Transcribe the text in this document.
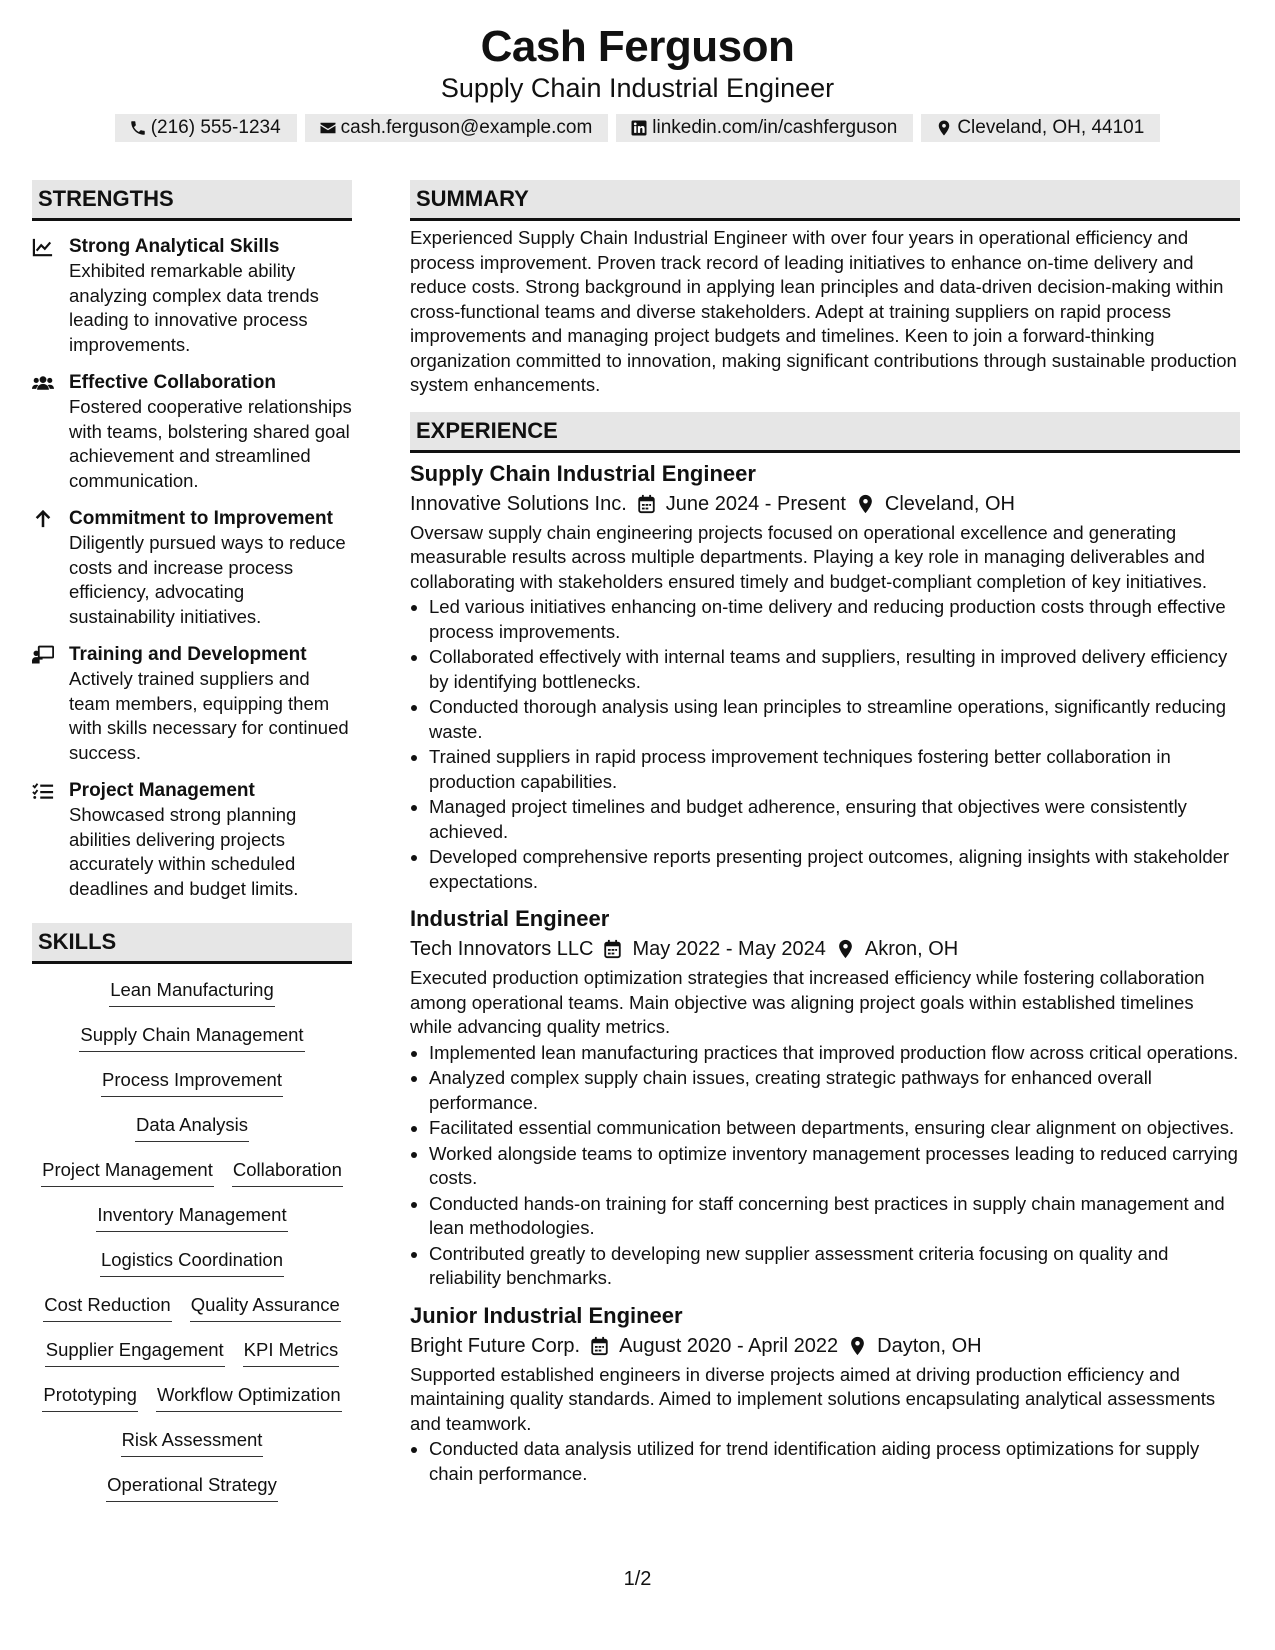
Cash Ferguson
Supply Chain Industrial Engineer
(216) 555-1234	cash.ferguson@example.com	linkedin.com/in/cashferguson	Cleveland, OH, 44101
STRENGTHS
Strong Analytical Skills
Exhibited remarkable ability analyzing complex data trends leading to innovative process improvements.
Effective Collaboration
Fostered cooperative relationships with teams, bolstering shared goal achievement and streamlined communication.
Commitment to Improvement
Diligently pursued ways to reduce costs and increase process efficiency, advocating sustainability initiatives.
Training and Development
Actively trained suppliers and team members, equipping them with skills necessary for continued success.
Project Management
Showcased strong planning abilities delivering projects accurately within scheduled deadlines and budget limits.
SKILLS
Lean Manufacturing
Supply Chain Management
Process Improvement
Data Analysis
Project Management Collaboration
Inventory Management
Logistics Coordination
Cost Reduction Quality Assurance
Supplier Engagement KPI Metrics
Prototyping Workflow Optimization
Risk Assessment
Operational Strategy
SUMMARY
Experienced Supply Chain Industrial Engineer with over four years in operational efficiency and process improvement. Proven track record of leading initiatives to enhance on-time delivery and reduce costs. Strong background in applying lean principles and data-driven decision-making within cross-functional teams and diverse stakeholders. Adept at training suppliers on rapid process improvements and managing project budgets and timelines. Keen to join a forward-thinking organization committed to innovation, making significant contributions through sustainable production system enhancements.
EXPERIENCE
Supply Chain Industrial Engineer
Innovative Solutions Inc. June 2024 - Present Cleveland, OH
Oversaw supply chain engineering projects focused on operational excellence and generating measurable results across multiple departments. Playing a key role in managing deliverables and collaborating with stakeholders ensured timely and budget-compliant completion of key initiatives.
• Led various initiatives enhancing on-time delivery and reducing production costs through effective process improvements.
• Collaborated effectively with internal teams and suppliers, resulting in improved delivery efficiency by identifying bottlenecks.
• Conducted thorough analysis using lean principles to streamline operations, significantly reducing waste.
• Trained suppliers in rapid process improvement techniques fostering better collaboration in production capabilities.
• Managed project timelines and budget adherence, ensuring that objectives were consistently achieved.
• Developed comprehensive reports presenting project outcomes, aligning insights with stakeholder expectations.
Industrial Engineer
Tech Innovators LLC May 2022 - May 2024 Akron, OH
Executed production optimization strategies that increased efficiency while fostering collaboration among operational teams. Main objective was aligning project goals within established timelines while advancing quality metrics.
• Implemented lean manufacturing practices that improved production flow across critical operations.
• Analyzed complex supply chain issues, creating strategic pathways for enhanced overall performance.
• Facilitated essential communication between departments, ensuring clear alignment on objectives.
• Worked alongside teams to optimize inventory management processes leading to reduced carrying costs.
• Conducted hands-on training for staff concerning best practices in supply chain management and lean methodologies.
• Contributed greatly to developing new supplier assessment criteria focusing on quality and reliability benchmarks.
Junior Industrial Engineer
Bright Future Corp. August 2020 - April 2022 Dayton, OH
Supported established engineers in diverse projects aimed at driving production efficiency and maintaining quality standards. Aimed to implement solutions encapsulating analytical assessments and teamwork.
• Conducted data analysis utilized for trend identification aiding process optimizations for supply chain performance.
1/2
